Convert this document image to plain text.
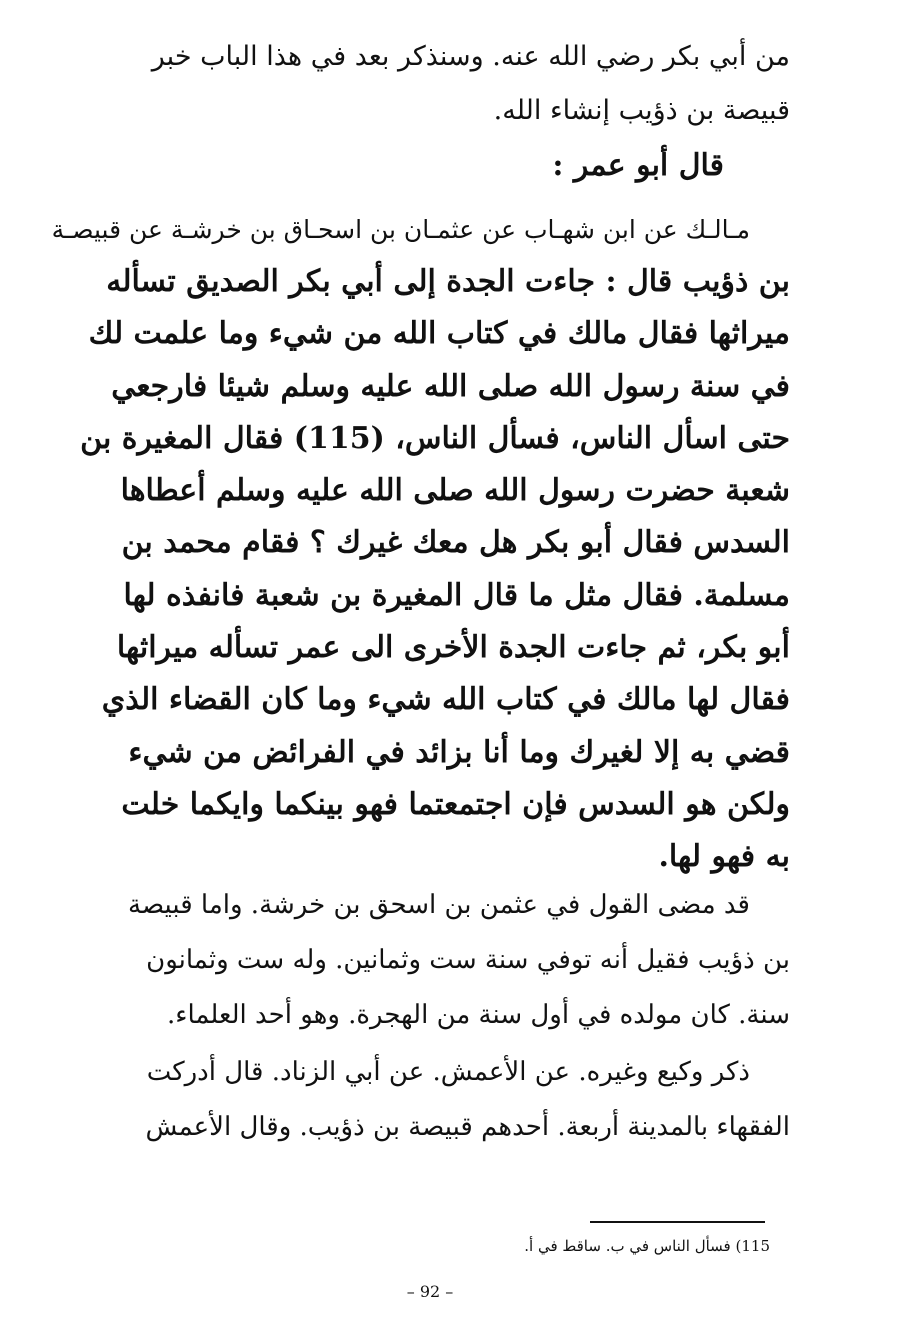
من أبي بكر رضي الله عنه. وسنذكر بعد في هذا الباب خبر
قبيصة بن ذؤيب إنشاء الله.

قال أبو عمر :

مـالـك عن ابن شهـاب عن عثمـان بن اسحـاق بن خرشـة عن قبيصـة

بن ذؤيب قال : جاءت الجدة إلى أبي بكر الصديق تسأله
ميراثها فقال مالك في كتاب الله من شيء وما علمت لك
في سنة رسول الله صلى الله عليه وسلم شيئا فارجعي
حتى اسأل الناس، فسأل الناس، (115) فقال المغيرة بن
شعبة حضرت رسول الله صلى الله عليه وسلم أعطاها
السدس فقال أبو بكر هل معك غيرك ؟ فقام محمد بن
مسلمة. فقال مثل ما قال المغيرة بن شعبة فانفذه لها
أبو بكر، ثم جاءت الجدة الأخرى الى عمر تسأله ميراثها
فقال لها مالك في كتاب الله شيء وما كان القضاء الذي
قضي به إلا لغيرك وما أنا بزائد في الفرائض من شيء
ولكن هو السدس فإن اجتمعتما فهو بينكما وايكما خلت
به فهو لها.

قد مضى القول في عثمن بن اسحق بن خرشة. واما قبيصة
بن ذؤيب فقيل أنه توفي سنة ست وثمانين. وله ست وثمانون
سنة. كان مولده في أول سنة من الهجرة. وهو أحد العلماء.

ذكر وكيع وغيره. عن الأعمش. عن أبي الزناد. قال أدركت
الفقهاء بالمدينة أربعة. أحدهم قبيصة بن ذؤيب. وقال الأعمش

115) فسأل الناس في ب. ساقط في أ.

– 92 –
